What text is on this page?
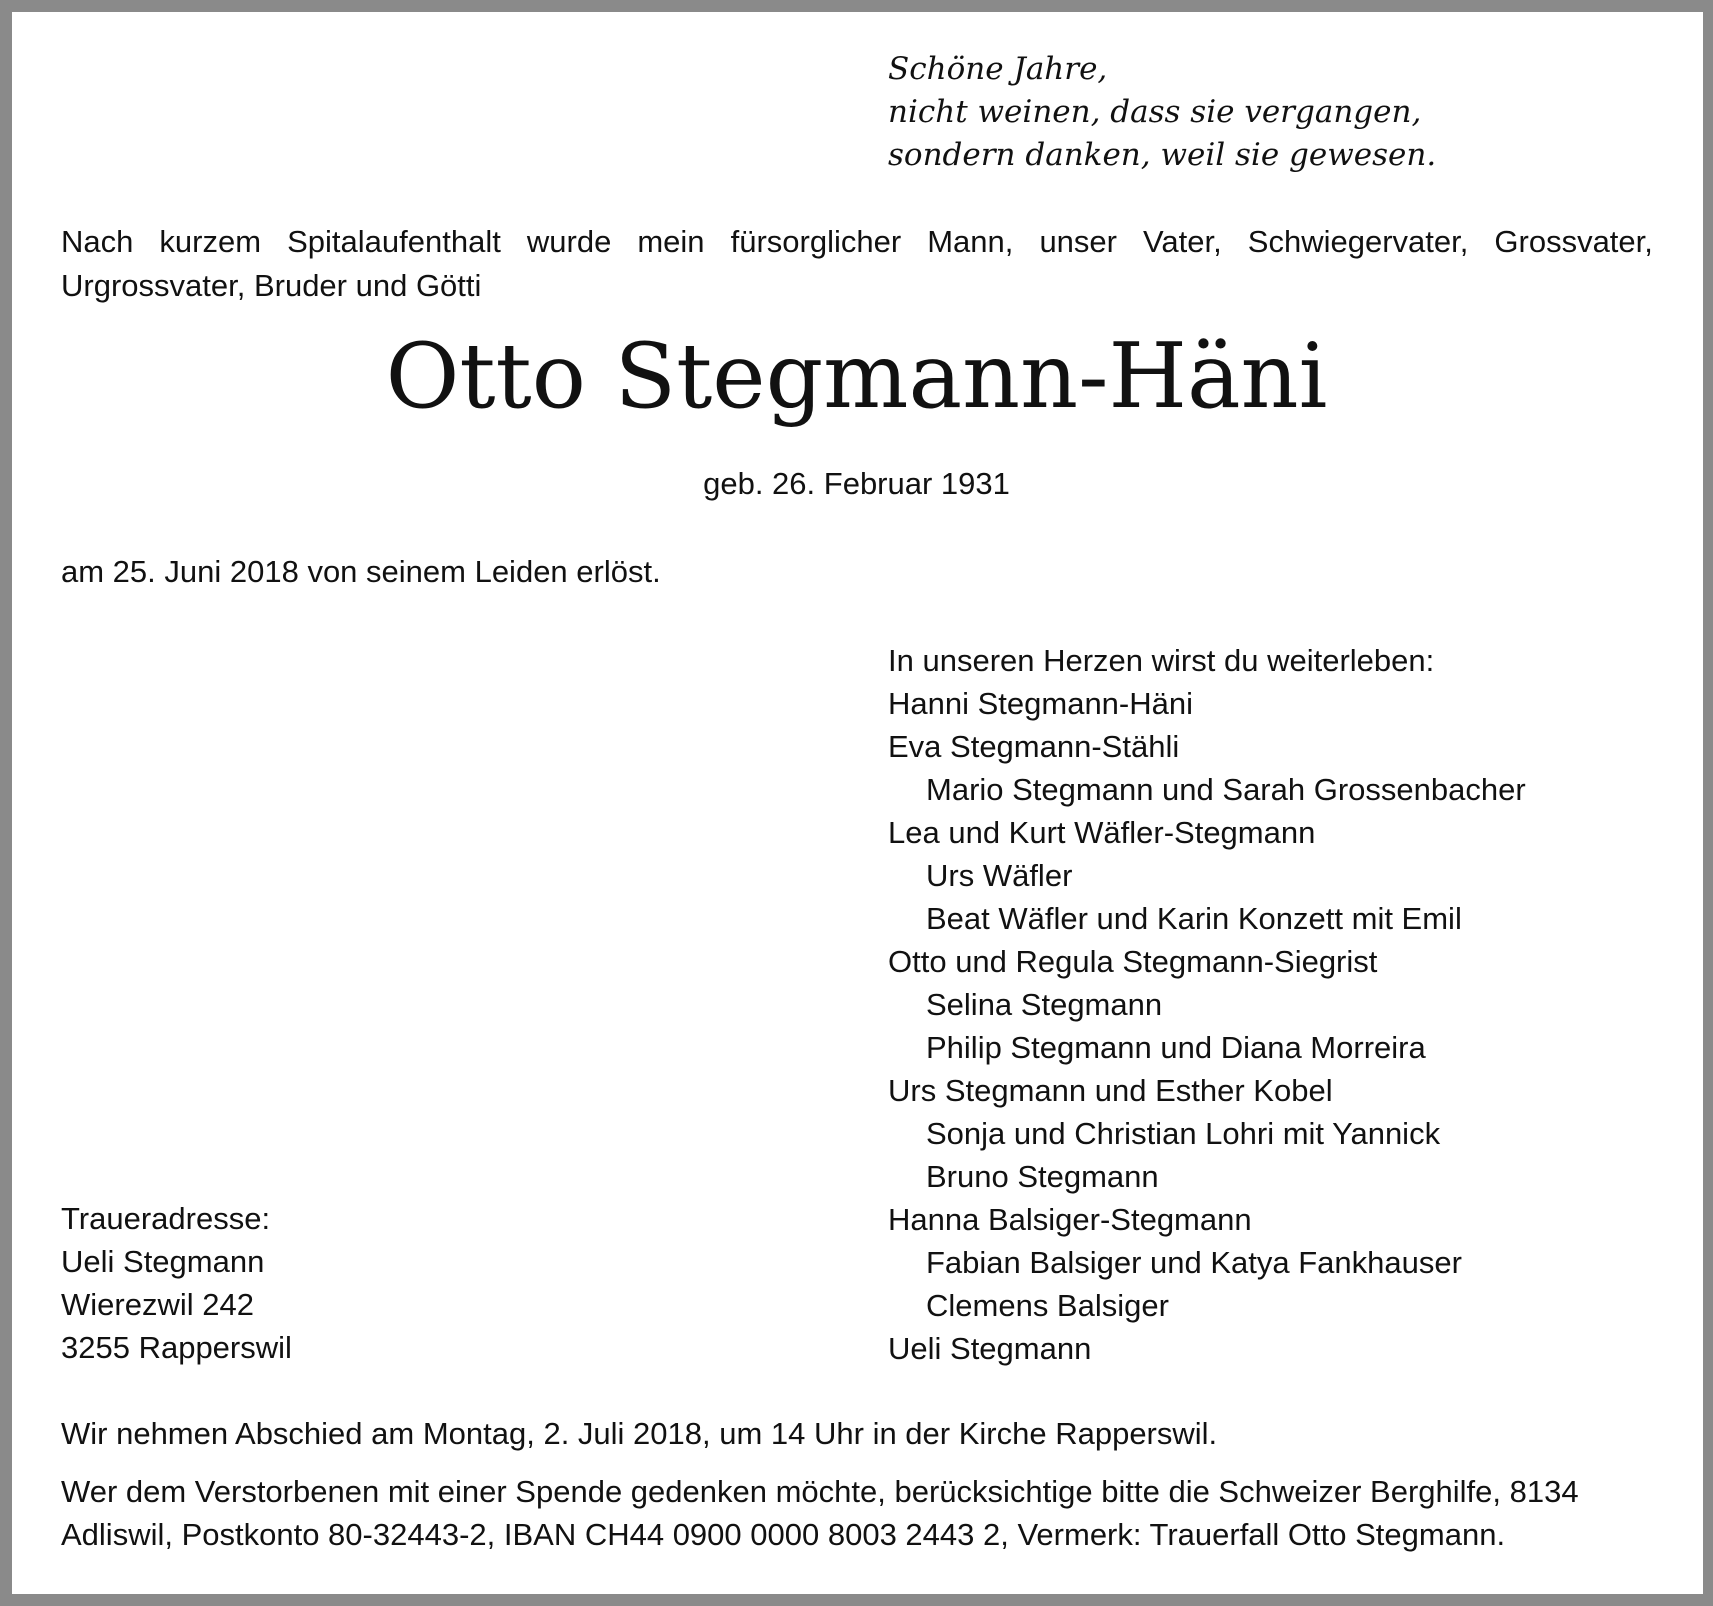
Schöne Jahre,
nicht weinen, dass sie vergangen,
sondern danken, weil sie gewesen.
Nach kurzem Spitalaufenthalt wurde mein fürsorglicher Mann, unser Vater, Schwiegervater, Grossvater,
Urgrossvater, Bruder und Götti
Otto Stegmann-Häni
geb. 26. Februar 1931
am 25. Juni 2018 von seinem Leiden erlöst.
In unseren Herzen wirst du weiterleben:
Hanni Stegmann-Häni
Eva Stegmann-Stähli
Mario Stegmann und Sarah Grossenbacher
Lea und Kurt Wäfler-Stegmann
Urs Wäfler
Beat Wäfler und Karin Konzett mit Emil
Otto und Regula Stegmann-Siegrist
Selina Stegmann
Philip Stegmann und Diana Morreira
Urs Stegmann und Esther Kobel
Sonja und Christian Lohri mit Yannick
Bruno Stegmann
Hanna Balsiger-Stegmann
Fabian Balsiger und Katya Fankhauser
Clemens Balsiger
Ueli Stegmann
Traueradresse:
Ueli Stegmann
Wierezwil 242
3255 Rapperswil
Wir nehmen Abschied am Montag, 2. Juli 2018, um 14 Uhr in der Kirche Rapperswil.
Wer dem Verstorbenen mit einer Spende gedenken möchte, berücksichtige bitte die Schweizer Berghilfe, 8134
Adliswil, Postkonto 80-32443-2, IBAN CH44 0900 0000 8003 2443 2, Vermerk: Trauerfall Otto Stegmann.
